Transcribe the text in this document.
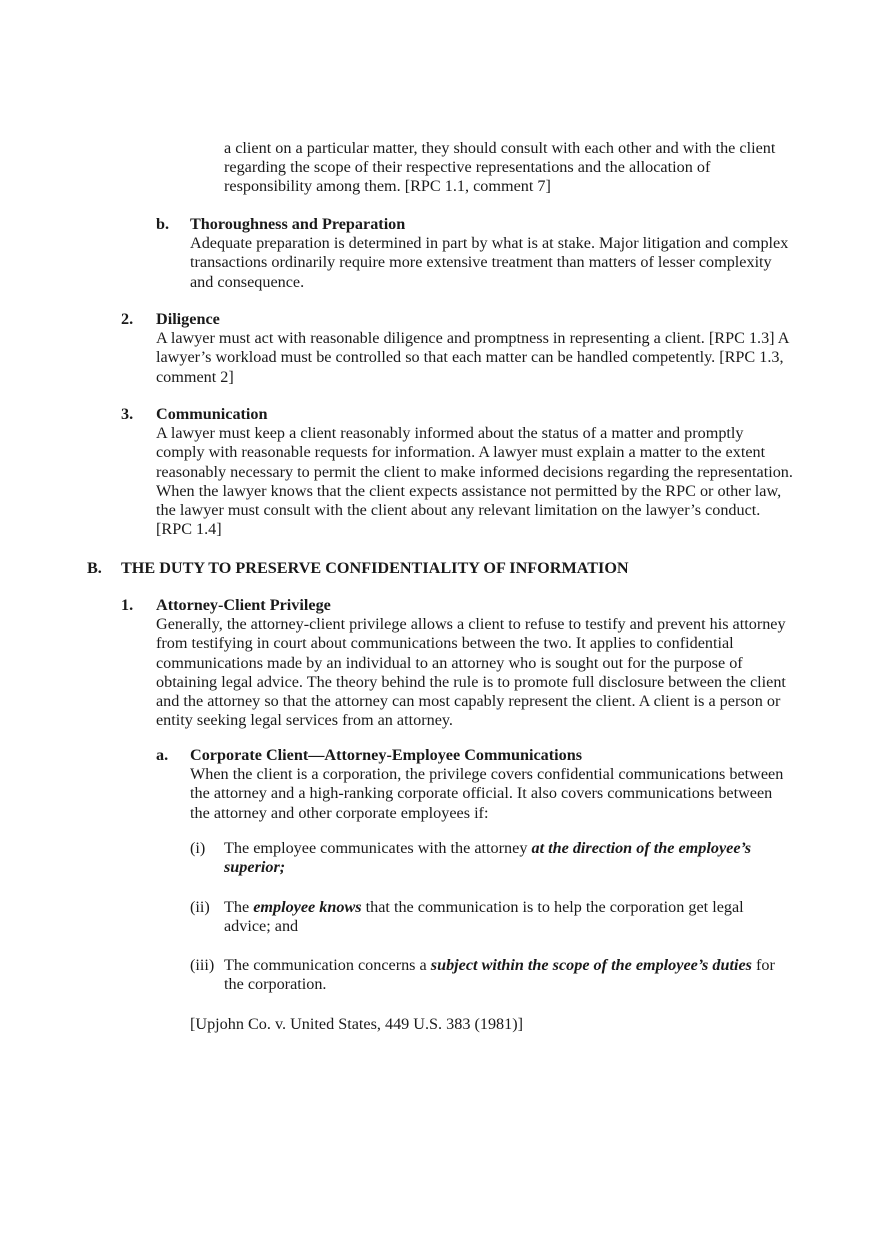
a client on a particular matter, they should consult with each other and with the client regarding the scope of their respective representations and the allocation of responsibility among them. [RPC 1.1, comment 7]

b. Thoroughness and Preparation
Adequate preparation is determined in part by what is at stake. Major litigation and complex transactions ordinarily require more extensive treatment than matters of lesser complexity and consequence.
2. Diligence
A lawyer must act with reasonable diligence and promptness in representing a client. [RPC 1.3] A lawyer’s workload must be controlled so that each matter can be handled competently. [RPC 1.3, comment 2]
3. Communication
A lawyer must keep a client reasonably informed about the status of a matter and promptly comply with reasonable requests for information. A lawyer must explain a matter to the extent reasonably necessary to permit the client to make informed decisions regarding the representation. When the lawyer knows that the client expects assistance not permitted by the RPC or other law, the lawyer must consult with the client about any relevant limitation on the lawyer’s conduct. [RPC 1.4]
B. THE DUTY TO PRESERVE CONFIDENTIALITY OF INFORMATION
1. Attorney-Client Privilege
Generally, the attorney-client privilege allows a client to refuse to testify and prevent his attorney from testifying in court about communications between the two. It applies to confidential communications made by an individual to an attorney who is sought out for the purpose of obtaining legal advice. The theory behind the rule is to promote full disclosure between the client and the attorney so that the attorney can most capably represent the client. A client is a person or entity seeking legal services from an attorney.
a. Corporate Client—Attorney-Employee Communications
When the client is a corporation, the privilege covers confidential communications between the attorney and a high-ranking corporate official. It also covers communications between the attorney and other corporate employees if:
(i) The employee communicates with the attorney at the direction of the employee’s superior;

(ii) The employee knows that the communication is to help the corporation get legal advice; and

(iii) The communication concerns a subject within the scope of the employee’s duties for the corporation.

[Upjohn Co. v. United States, 449 U.S. 383 (1981)]
